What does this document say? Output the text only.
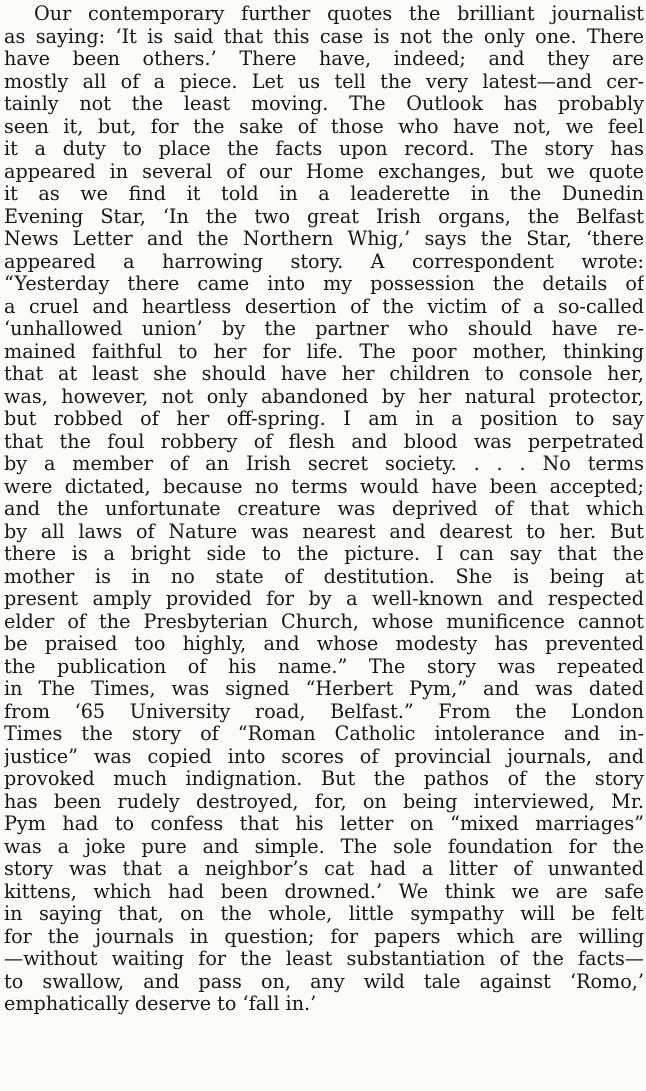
Our contemporary further quotes the brilliant journalist
as saying: ‘It is said that this case is not the only one. There
have been others.’ There have, indeed; and they are
mostly all of a piece. Let us tell the very latest—and cer-
tainly not the least moving. The Outlook has probably
seen it, but, for the sake of those who have not, we feel
it a duty to place the facts upon record. The story has
appeared in several of our Home exchanges, but we quote
it as we find it told in a leaderette in the Dunedin
Evening Star, ‘In the two great Irish organs, the Belfast
News Letter and the Northern Whig,’ says the Star, ‘there
appeared a harrowing story. A correspondent wrote:
“Yesterday there came into my possession the details of
a cruel and heartless desertion of the victim of a so-called
‘unhallowed union’ by the partner who should have re-
mained faithful to her for life. The poor mother, thinking
that at least she should have her children to console her,
was, however, not only abandoned by her natural protector,
but robbed of her off-spring. I am in a position to say
that the foul robbery of flesh and blood was perpetrated
by a member of an Irish secret society. . . . No terms
were dictated, because no terms would have been accepted;
and the unfortunate creature was deprived of that which
by all laws of Nature was nearest and dearest to her. But
there is a bright side to the picture. I can say that the
mother is in no state of destitution. She is being at
present amply provided for by a well-known and respected
elder of the Presbyterian Church, whose munificence cannot
be praised too highly, and whose modesty has prevented
the publication of his name.” The story was repeated
in The Times, was signed “Herbert Pym,” and was dated
from ‘65 University road, Belfast.” From the London
Times the story of “Roman Catholic intolerance and in-
justice” was copied into scores of provincial journals, and
provoked much indignation. But the pathos of the story
has been rudely destroyed, for, on being interviewed, Mr.
Pym had to confess that his letter on “mixed marriages”
was a joke pure and simple. The sole foundation for the
story was that a neighbor’s cat had a litter of unwanted
kittens, which had been drowned.’ We think we are safe
in saying that, on the whole, little sympathy will be felt
for the journals in question; for papers which are willing
—without waiting for the least substantiation of the facts—
to swallow, and pass on, any wild tale against ‘Romo,’
emphatically deserve to ‘fall in.’
